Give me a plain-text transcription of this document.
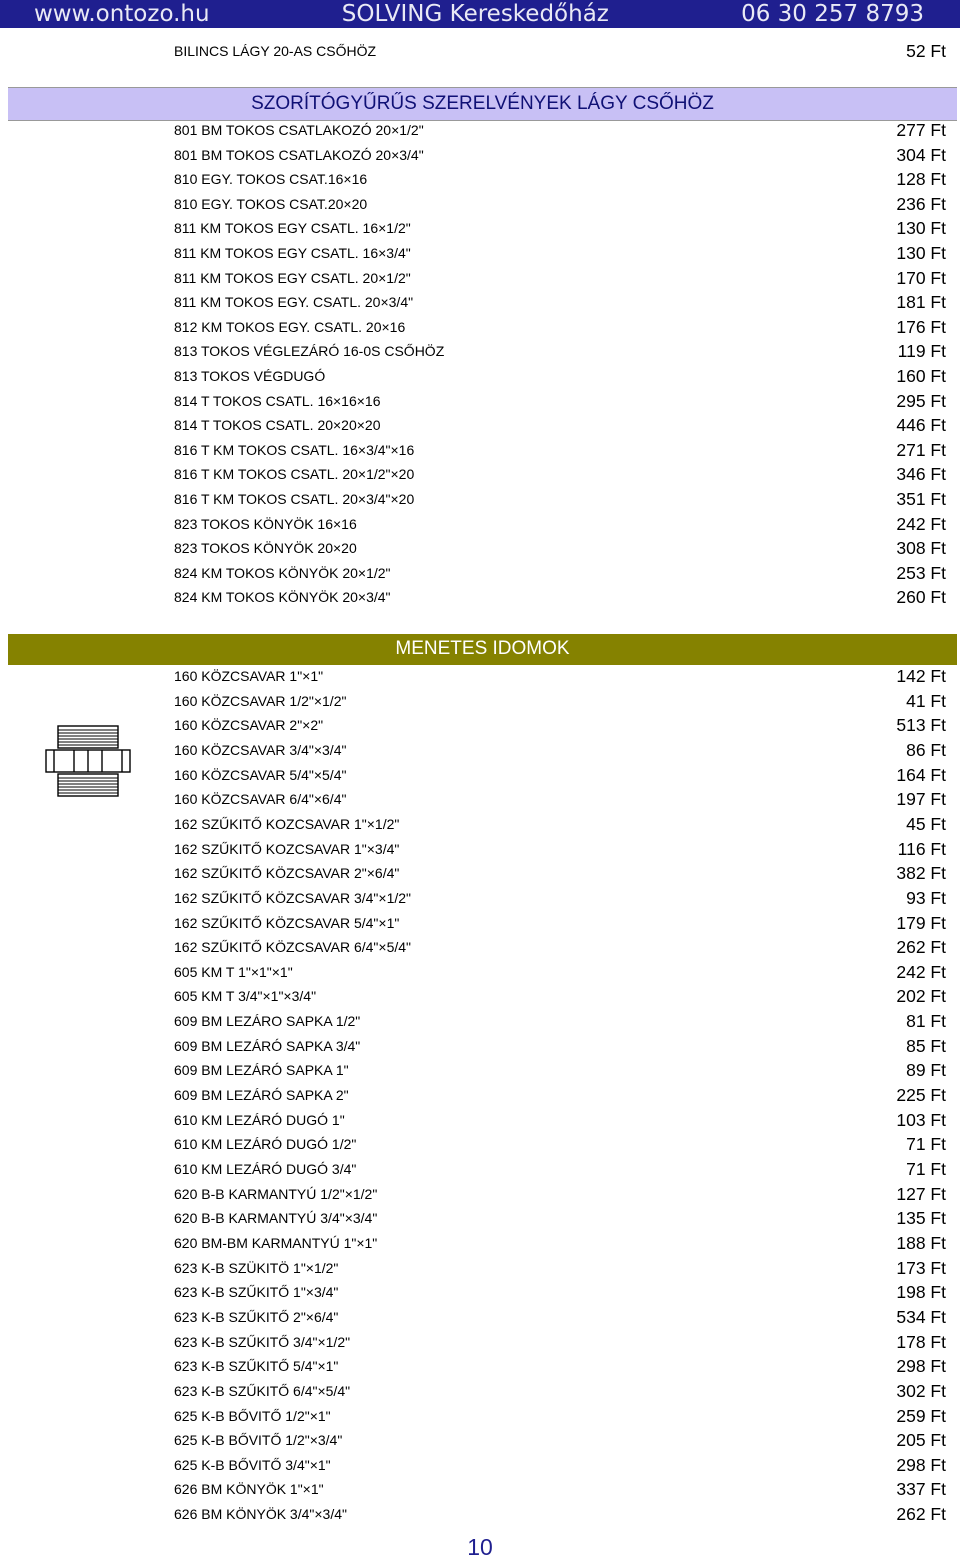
www.ontozo.hu	SOLVING Kereskedőház	06 30 257 8793
BILINCS LÁGY 20-AS CSŐHÖZ	52 Ft
SZORÍTÓGYŰRŰS SZERELVÉNYEK LÁGY CSŐHÖZ
801 BM TOKOS CSATLAKOZÓ 20×1/2"	277 Ft
801 BM TOKOS CSATLAKOZÓ 20×3/4"	304 Ft
810 EGY. TOKOS CSAT.16×16	128 Ft
810 EGY. TOKOS CSAT.20×20	236 Ft
811 KM TOKOS EGY CSATL. 16×1/2"	130 Ft
811 KM TOKOS EGY CSATL. 16×3/4"	130 Ft
811 KM TOKOS EGY CSATL. 20×1/2"	170 Ft
811 KM TOKOS EGY. CSATL. 20×3/4"	181 Ft
812 KM TOKOS EGY. CSATL. 20×16	176 Ft
813 TOKOS VÉGLEZÁRÓ 16-0S CSŐHÖZ	119 Ft
813 TOKOS VÉGDUGÓ	160 Ft
814 T TOKOS CSATL. 16×16×16	295 Ft
814 T TOKOS CSATL. 20×20×20	446 Ft
816 T KM TOKOS CSATL. 16×3/4"×16	271 Ft
816 T KM TOKOS CSATL. 20×1/2"×20	346 Ft
816 T KM TOKOS CSATL. 20×3/4"×20	351 Ft
823 TOKOS KÖNYÖK 16×16	242 Ft
823 TOKOS KÖNYÖK 20×20	308 Ft
824 KM TOKOS KÖNYÖK 20×1/2"	253 Ft
824 KM TOKOS KÖNYÖK 20×3/4"	260 Ft
MENETES IDOMOK
160 KÖZCSAVAR 1"×1"	142 Ft
160 KÖZCSAVAR 1/2"×1/2"	41 Ft
160 KÖZCSAVAR 2"×2"	513 Ft
160 KÖZCSAVAR 3/4"×3/4"	86 Ft
160 KÖZCSAVAR 5/4"×5/4"	164 Ft
160 KÖZCSAVAR 6/4"×6/4"	197 Ft
162 SZŰKITŐ KOZCSAVAR 1"×1/2"	45 Ft
162 SZŰKITŐ KOZCSAVAR 1"×3/4"	116 Ft
162 SZŰKITŐ KÖZCSAVAR 2"×6/4"	382 Ft
162 SZŰKITŐ KÖZCSAVAR 3/4"×1/2"	93 Ft
162 SZŰKITŐ KÖZCSAVAR 5/4"×1"	179 Ft
162 SZŰKITŐ KÖZCSAVAR 6/4"×5/4"	262 Ft
605 KM T 1"×1"×1"	242 Ft
605 KM T 3/4"×1"×3/4"	202 Ft
609 BM LEZÁRO SAPKA 1/2"	81 Ft
609 BM LEZÁRÓ SAPKA 3/4"	85 Ft
609 BM LEZÁRÓ SAPKA 1"	89 Ft
609 BM LEZÁRÓ SAPKA 2"	225 Ft
610 KM LEZÁRÓ DUGÓ 1"	103 Ft
610 KM LEZÁRÓ DUGÓ 1/2"	71 Ft
610 KM LEZÁRÓ DUGÓ 3/4"	71 Ft
620 B-B KARMANTYÚ 1/2"×1/2"	127 Ft
620 B-B KARMANTYÚ 3/4"×3/4"	135 Ft
620 BM-BM KARMANTYÚ 1"×1"	188 Ft
623 K-B SZÜKITÖ 1"×1/2"	173 Ft
623 K-B SZŰKITŐ 1"×3/4"	198 Ft
623 K-B SZŰKITŐ 2"×6/4"	534 Ft
623 K-B SZŰKITŐ 3/4"×1/2"	178 Ft
623 K-B SZŰKITŐ 5/4"×1"	298 Ft
623 K-B SZŰKITŐ 6/4"×5/4"	302 Ft
625 K-B BŐVITŐ 1/2"×1"	259 Ft
625 K-B BŐVITŐ 1/2"×3/4"	205 Ft
625 K-B BŐVITŐ 3/4"×1"	298 Ft
626 BM KÖNYÖK 1"×1"	337 Ft
626 BM KÖNYÖK 3/4"×3/4"	262 Ft
10
